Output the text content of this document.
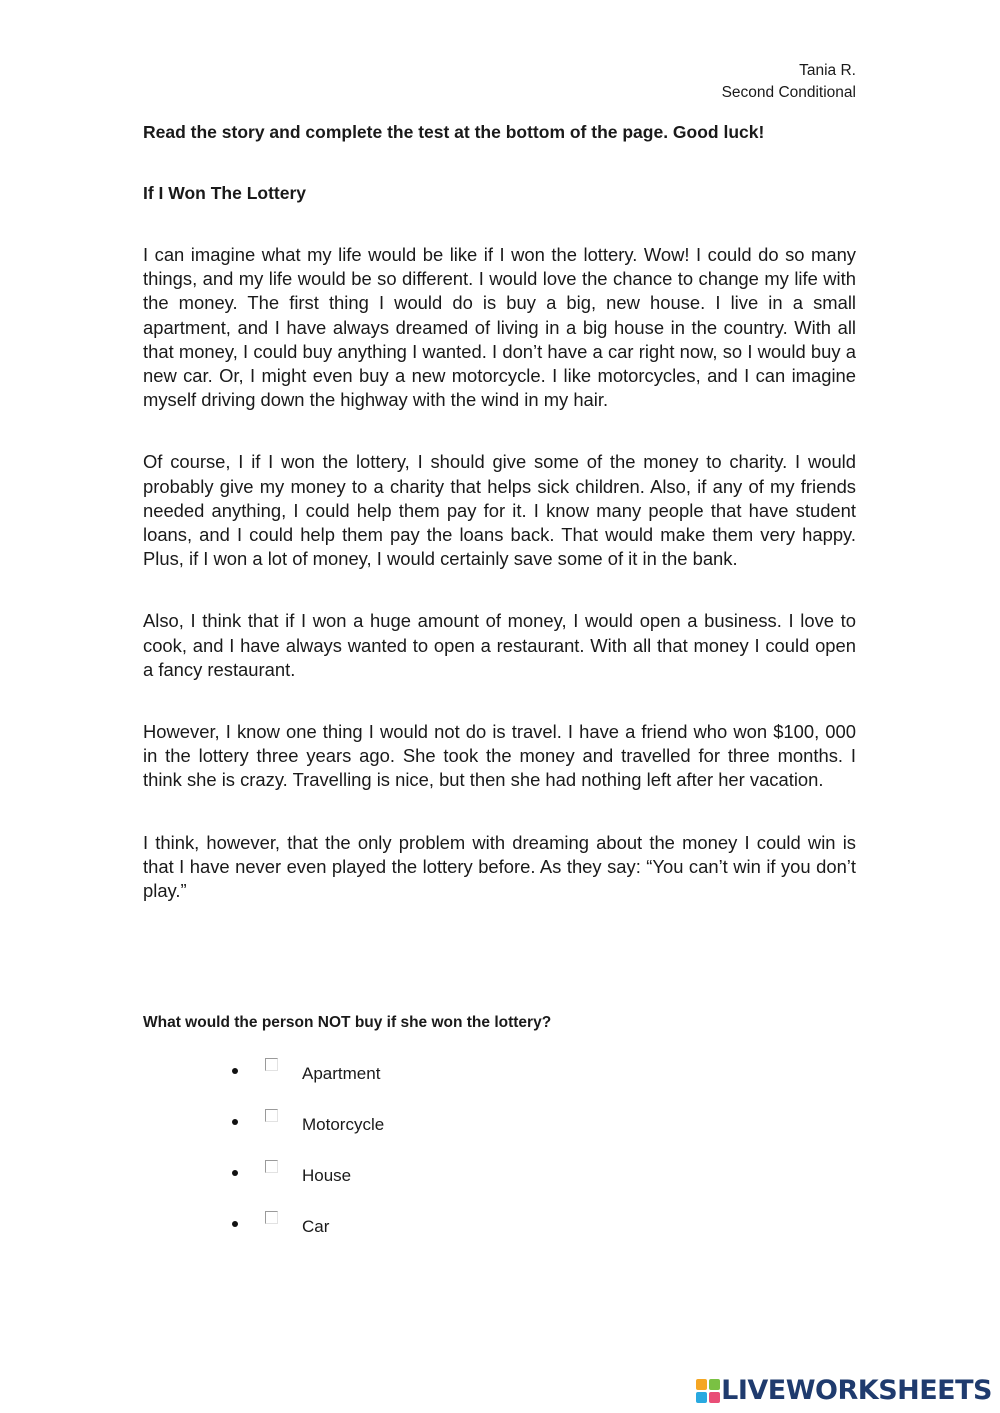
Tania R.
Second Conditional
Read the story and complete the test at the bottom of the page. Good luck!
If I Won The Lottery

I can imagine what my life would be like if I won the lottery. Wow! I could do so many things, and my life would be so different. I would love the chance to change my life with the money. The first thing I would do is buy a big, new house. I live in a small apartment, and I have always dreamed of living in a big house in the country. With all that money, I could buy anything I wanted. I don’t have a car right now, so I would buy a new car. Or, I might even buy a new motorcycle. I like motorcycles, and I can imagine myself driving down the highway with the wind in my hair.

Of course, I if I won the lottery, I should give some of the money to charity. I would probably give my money to a charity that helps sick children. Also, if any of my friends needed anything, I could help them pay for it. I know many people that have student loans, and I could help them pay the loans back. That would make them very happy. Plus, if I won a lot of money, I would certainly save some of it in the bank.

Also, I think that if I won a huge amount of money, I would open a business. I love to cook, and I have always wanted to open a restaurant. With all that money I could open a fancy restaurant.

However, I know one thing I would not do is travel. I have a friend who won $100, 000 in the lottery three years ago. She took the money and travelled for three months. I think she is crazy. Travelling is nice, but then she had nothing left after her vacation.

I think, however, that the only problem with dreaming about the money I could win is that I have never even played the lottery before. As they say: “You can’t win if you don’t play.”

What would the person NOT buy if she won the lottery?
Apartment
Motorcycle
House
Car
LIVEWORKSHEETS
